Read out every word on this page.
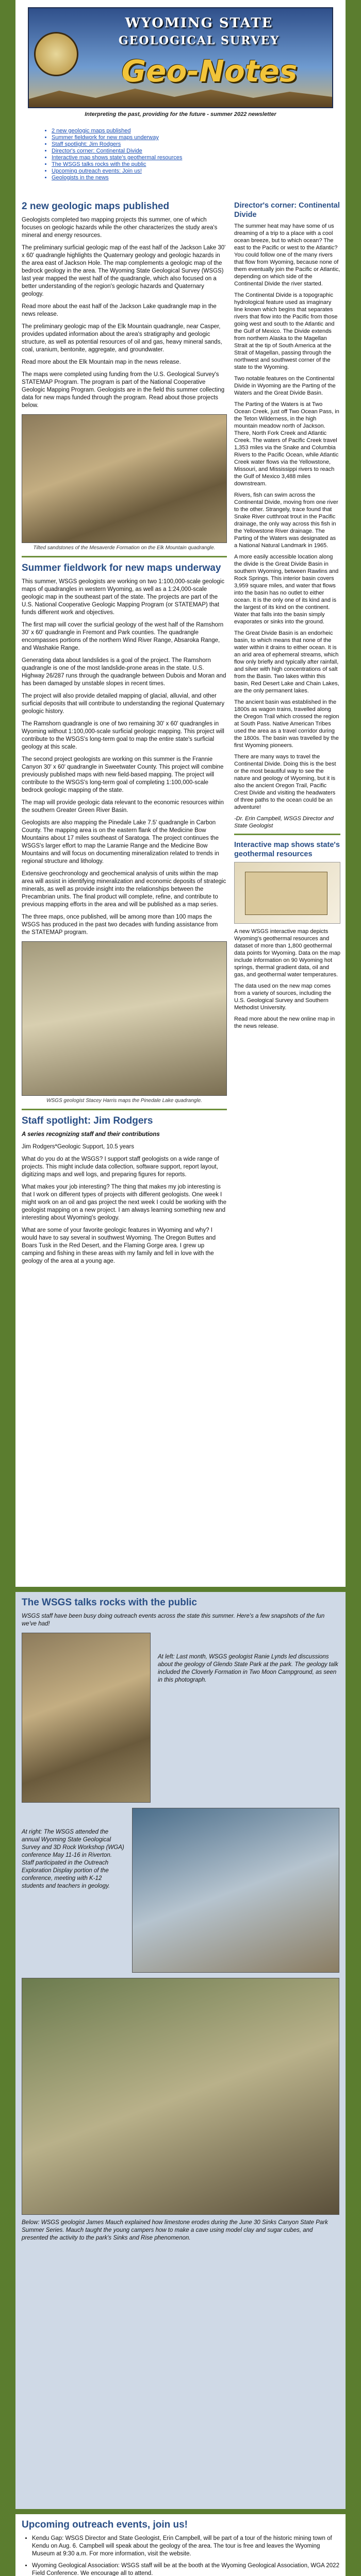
WYOMING STATE
GEOLOGICAL SURVEY
Geo-Notes
Interpreting the past, providing for the future - summer 2022 newsletter
• 2 new geologic maps published
• Summer fieldwork for new maps underway
• Staff spotlight: Jim Rodgers
• Director's corner: Continental Divide
• Interactive map shows state's geothermal resources
• The WSGS talks rocks with the public
• Upcoming outreach events: Join us!
• Geologists in the news
2 new geologic maps published

Geologists completed two mapping projects this summer, one of which focuses on geologic hazards while the other characterizes the study area's mineral and energy resources.

The preliminary surficial geologic map of the east half of the Jackson Lake 30' x 60' quadrangle highlights the Quaternary geology and geologic hazards in the area east of Jackson Hole. The map complements a geologic map of the bedrock geology in the area. The Wyoming State Geological Survey (WSGS) last year mapped the west half of the quadrangle, which also focused on a better understanding of the region's geologic hazards and Quaternary geology.

Read more about the east half of the Jackson Lake quadrangle map in the news release.

The preliminary geologic map of the Elk Mountain quadrangle, near Casper, provides updated information about the area's stratigraphy and geologic structure, as well as potential resources of oil and gas, heavy mineral sands, coal, uranium, bentonite, aggregate, and groundwater.

Read more about the Elk Mountain map in the news release.

The maps were completed using funding from the U.S. Geological Survey's STATEMAP Program. The program is part of the National Cooperative Geologic Mapping Program. Geologists are in the field this summer collecting data for new maps funded through the program. Read about those projects below.

Tilted sandstones of the Mesaverde Formation on the Elk Mountain quadrangle.

Summer fieldwork for new maps underway

This summer, WSGS geologists are working on two 1:100,000-scale geologic maps of quadrangles in western Wyoming, as well as a 1:24,000-scale geologic map in the southeast part of the state. The projects are part of the U.S. National Cooperative Geologic Mapping Program (or STATEMAP) that funds different work and objectives.

The first map will cover the surficial geology of the west half of the Ramshorn 30' x 60' quadrangle in Fremont and Park counties. The quadrangle encompasses portions of the northern Wind River Range, Absaroka Range, and Washakie Range.

Generating data about landslides is a goal of the project. The Ramshorn quadrangle is one of the most landslide-prone areas in the state. U.S. Highway 26/287 runs through the quadrangle between Dubois and Moran and has been damaged by unstable slopes in recent times.

The project will also provide detailed mapping of glacial, alluvial, and other surficial deposits that will contribute to understanding the regional Quaternary geologic history.

The Ramshorn quadrangle is one of two remaining 30' x 60' quadrangles in Wyoming without 1:100,000-scale surficial geologic mapping. This project will contribute to the WSGS's long-term goal to map the entire state's surficial geology at this scale.

The second project geologists are working on this summer is the Frannie Canyon 30' x 60' quadrangle in Sweetwater County. This project will combine previously published maps with new field-based mapping. The project will contribute to the WSGS's long-term goal of completing 1:100,000-scale bedrock geologic mapping of the state.

The map will provide geologic data relevant to the economic resources within the southern Greater Green River Basin.

Geologists are also mapping the Pinedale Lake 7.5' quadrangle in Carbon County. The mapping area is on the eastern flank of the Medicine Bow Mountains about 17 miles southeast of Saratoga. The project continues the WSGS's larger effort to map the Laramie Range and the Medicine Bow Mountains and will focus on documenting mineralization related to trends in regional structure and lithology.

Extensive geochronology and geochemical analysis of units within the map area will assist in identifying mineralization and economic deposits of strategic minerals, as well as provide insight into the relationships between the Precambrian units. The final product will complete, refine, and contribute to previous mapping efforts in the area and will be published as a map series.

The three maps, once published, will be among more than 100 maps the WSGS has produced in the past two decades with funding assistance from the STATEMAP program.

WSGS geologist Stacey Harris maps the Pinedale Lake quadrangle.

Staff spotlight: Jim Rodgers

A series recognizing staff and their contributions

Jim Rodgers*Geologic Support, 10.5 years

What do you do at the WSGS? I support staff geologists on a wide range of projects. This might include data collection, software support, report layout, digitizing maps and well logs, and preparing figures for reports.

What makes your job interesting? The thing that makes my job interesting is that I work on different types of projects with different geologists. One week I might work on an oil and gas project the next week I could be working with the geologist mapping on a new project. I am always learning something new and interesting about Wyoming's geology.

What are some of your favorite geologic features in Wyoming and why? I would have to say several in southwest Wyoming. The Oregon Buttes and Boars Tusk in the Red Desert, and the Flaming Gorge area. I grew up camping and fishing in these areas with my family and fell in love with the geology of the area at a young age.

Director's corner: Continental Divide

The summer heat may have some of us dreaming of a trip to a place with a cool ocean breeze, but to which ocean? The east to the Pacific or west to the Atlantic? You could follow one of the many rivers that flow from Wyoming, because none of them eventually join the Pacific or Atlantic, depending on which side of the Continental Divide the river started.

The Continental Divide is a topographic hydrological feature used as imaginary line known which begins that separates rivers that flow into the Pacific from those going west and south to the Atlantic and the Gulf of Mexico. The Divide extends from northern Alaska to the Magellan Strait at the tip of South America at the Strait of Magellan, passing through the northwest and southwest corner of the state to the Wyoming.

Two notable features on the Continental Divide in Wyoming are the Parting of the Waters and the Great Divide Basin.

The Parting of the Waters is at Two Ocean Creek, just off Two Ocean Pass, in the Teton Wilderness, in the high mountain meadow north of Jackson. There, North Fork Creek and Atlantic Creek. The waters of Pacific Creek travel 1,353 miles via the Snake and Columbia Rivers to the Pacific Ocean, while Atlantic Creek water flows via the Yellowstone, Missouri, and Mississippi rivers to reach the Gulf of Mexico 3,488 miles downstream.

Rivers, fish can swim across the Continental Divide, moving from one river to the other. Strangely, trace found that Snake River cutthroat trout in the Pacific drainage, the only way across this fish in the Yellowstone River drainage. The Parting of the Waters was designated as a National Natural Landmark in 1965.

A more easily accessible location along the divide is the Great Divide Basin in southern Wyoming, between Rawlins and Rock Springs. This interior basin covers 3,959 square miles, and water that flows into the basin has no outlet to either ocean. It is the only one of its kind and is the largest of its kind on the continent. Water that falls into the basin simply evaporates or sinks into the ground.

The Great Divide Basin is an endorheic basin, to which means that none of the water within it drains to either ocean. It is an arid area of ephemeral streams, which flow only briefly and typically after rainfall, and silver with high concentrations of salt from the Basin. Two lakes within this basin, Red Desert Lake and Chain Lakes, are the only permanent lakes.

The ancient basin was established in the 1800s as wagon trains, travelled along the Oregon Trail which crossed the region at South Pass. Native American Tribes used the area as a travel corridor during the 1800s. The basin was travelled by the first Wyoming pioneers.

There are many ways to travel the Continental Divide. Doing this is the best or the most beautiful way to see the nature and geology of Wyoming, but it is also the ancient Oregon Trail, Pacific Crest Divide and visiting the headwaters of three paths to the ocean could be an adventure!

-Dr. Erin Campbell, WSGS Director and State Geologist

Interactive map shows state's geothermal resources

A new WSGS interactive map depicts Wyoming's geothermal resources and dataset of more than 1,800 geothermal data points for Wyoming. Data on the map include information on 90 Wyoming hot springs, thermal gradient data, oil and gas, and geothermal water temperatures.

The data used on the new map comes from a variety of sources, including the U.S. Geological Survey and Southern Methodist University.

Read more about the new online map in the news release.

The WSGS talks rocks with the public

WSGS staff have been busy doing outreach events across the state this summer. Here's a few snapshots of the fun we've had!

At left: Last month, WSGS geologist Ranie Lynds led discussions about the geology of Glendo State Park at the park. The geology talk included the Cloverly Formation in Two Moon Campground, as seen in this photograph.

At right: The WSGS attended the annual Wyoming State Geological Survey and 3D Rock Workshop (WGA) conference May 11-16 in Riverton. Staff participated in the Outreach Exploration Display portion of the conference, meeting with K-12 students and teachers in geology.

Below: WSGS geologist James Mauch explained how limestone erodes during the June 30 Sinks Canyon State Park Summer Series. Mauch taught the young campers how to make a cave using model clay and sugar cubes, and presented the activity to the park's Sinks and Rise phenomenon.

Upcoming outreach events, join us!
• Kendu Gap: WSGS Director and State Geologist, Erin Campbell, will be part of a tour of the historic mining town of Kendu on Aug. 6. Campbell will speak about the geology of the area. The tour is free and leaves the Wyoming Museum at 9:30 a.m. For more information, visit the website.
• Wyoming Geological Association: WSGS staff will be at the booth at the Wyoming Geological Association, WGA 2022 Field Conference. We encourage all to attend.
